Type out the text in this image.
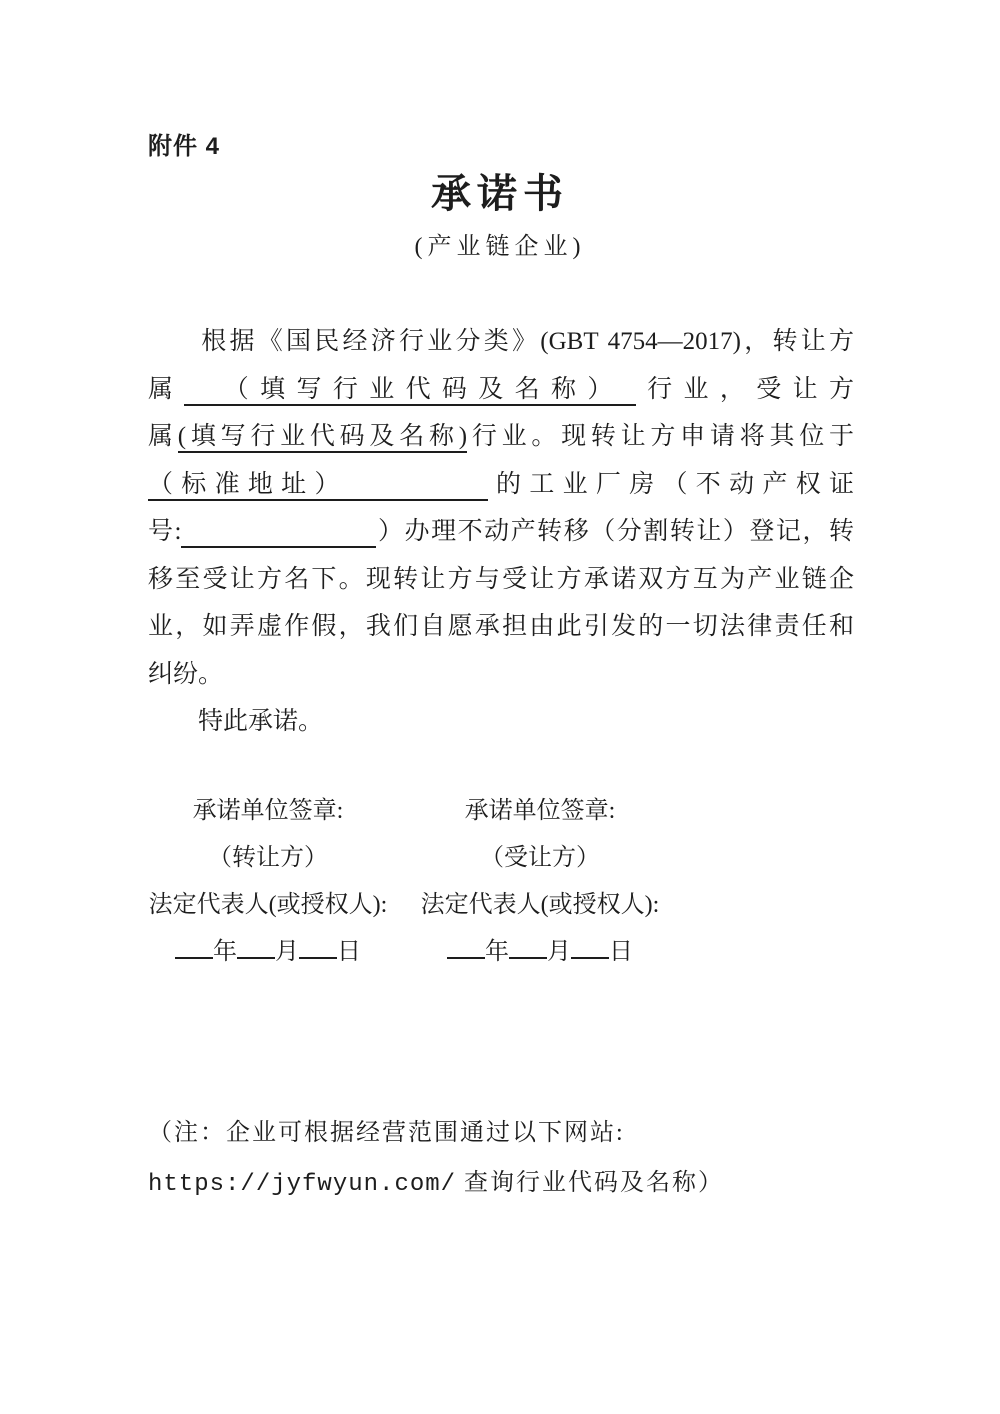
附件 4
承诺书
(产业链企业)
根据《国民经济行业分类》(GBT 4754—2017)，转让方
属 （填写行业代码及名称） 行业，受让方
属(填写行业代码及名称)行业。现转让方申请将其位于
（标准地址）	的工业厂房（不动产权证
号:	）办理不动产转移（分割转让）登记，转
移至受让方名下。现转让方与受让方承诺双方互为产业链企
业，如弄虚作假，我们自愿承担由此引发的一切法律责任和
纠纷。
特此承诺。
承诺单位签章:
（转让方）
法定代表人(或授权人):
年 月 日
承诺单位签章:
（受让方）
法定代表人(或授权人):
年 月 日
（注：企业可根据经营范围通过以下网站:
https://jyfwyun.com/ 查询行业代码及名称）
